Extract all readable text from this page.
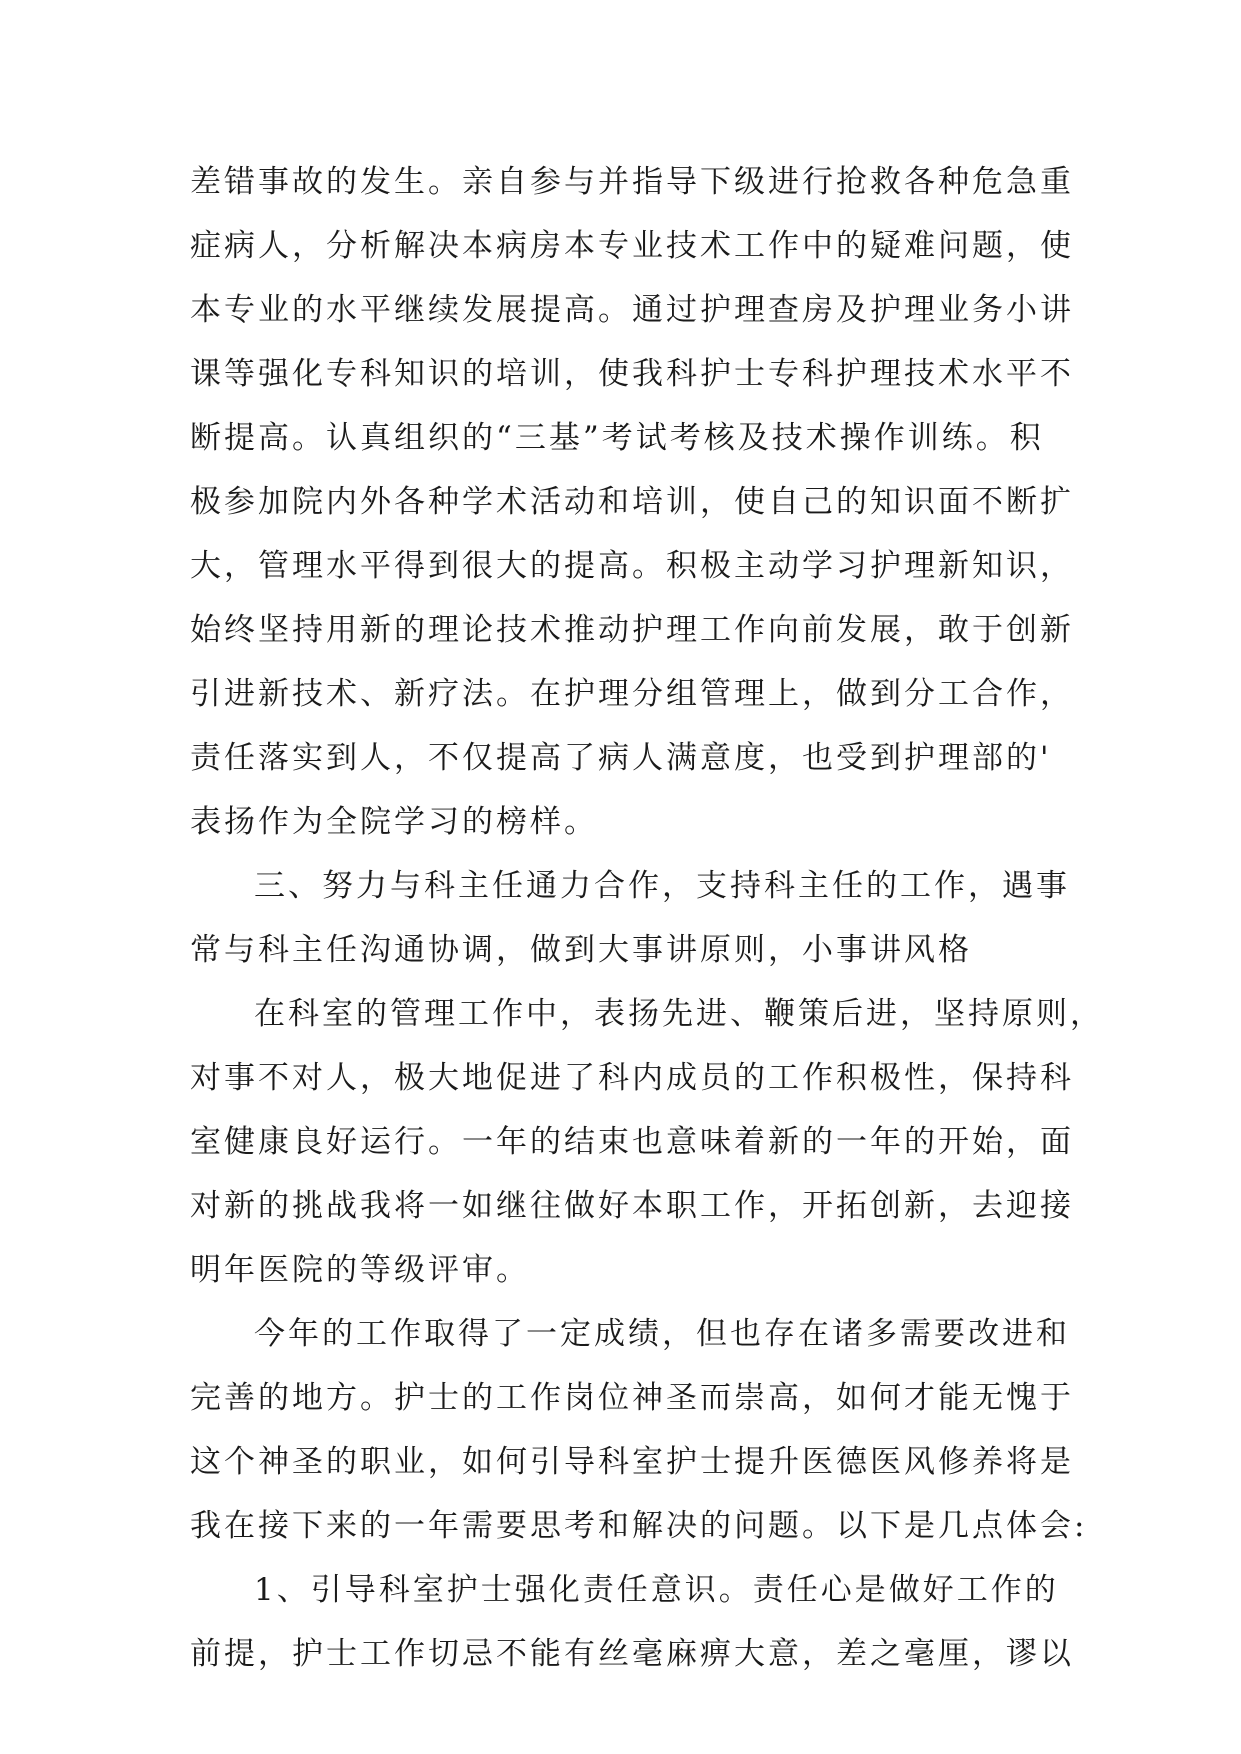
差错事故的发生。亲自参与并指导下级进行抢救各种危急重
症病人，分析解决本病房本专业技术工作中的疑难问题，使
本专业的水平继续发展提高。通过护理查房及护理业务小讲
课等强化专科知识的培训，使我科护士专科护理技术水平不
断提高。认真组织的“三基”考试考核及技术操作训练。积
极参加院内外各种学术活动和培训，使自己的知识面不断扩
大，管理水平得到很大的提高。积极主动学习护理新知识，
始终坚持用新的理论技术推动护理工作向前发展，敢于创新
引进新技术、新疗法。在护理分组管理上，做到分工合作，
责任落实到人，不仅提高了病人满意度，也受到护理部的'
表扬作为全院学习的榜样。
三、努力与科主任通力合作，支持科主任的工作，遇事
常与科主任沟通协调，做到大事讲原则，小事讲风格
在科室的管理工作中，表扬先进、鞭策后进，坚持原则，
对事不对人，极大地促进了科内成员的工作积极性，保持科
室健康良好运行。一年的结束也意味着新的一年的开始，面
对新的挑战我将一如继往做好本职工作，开拓创新，去迎接
明年医院的等级评审。
今年的工作取得了一定成绩，但也存在诸多需要改进和
完善的地方。护士的工作岗位神圣而崇高，如何才能无愧于
这个神圣的职业，如何引导科室护士提升医德医风修养将是
我在接下来的一年需要思考和解决的问题。以下是几点体会:
1、引导科室护士强化责任意识。责任心是做好工作的
前提，护士工作切忌不能有丝毫麻痹大意，差之毫厘，谬以
